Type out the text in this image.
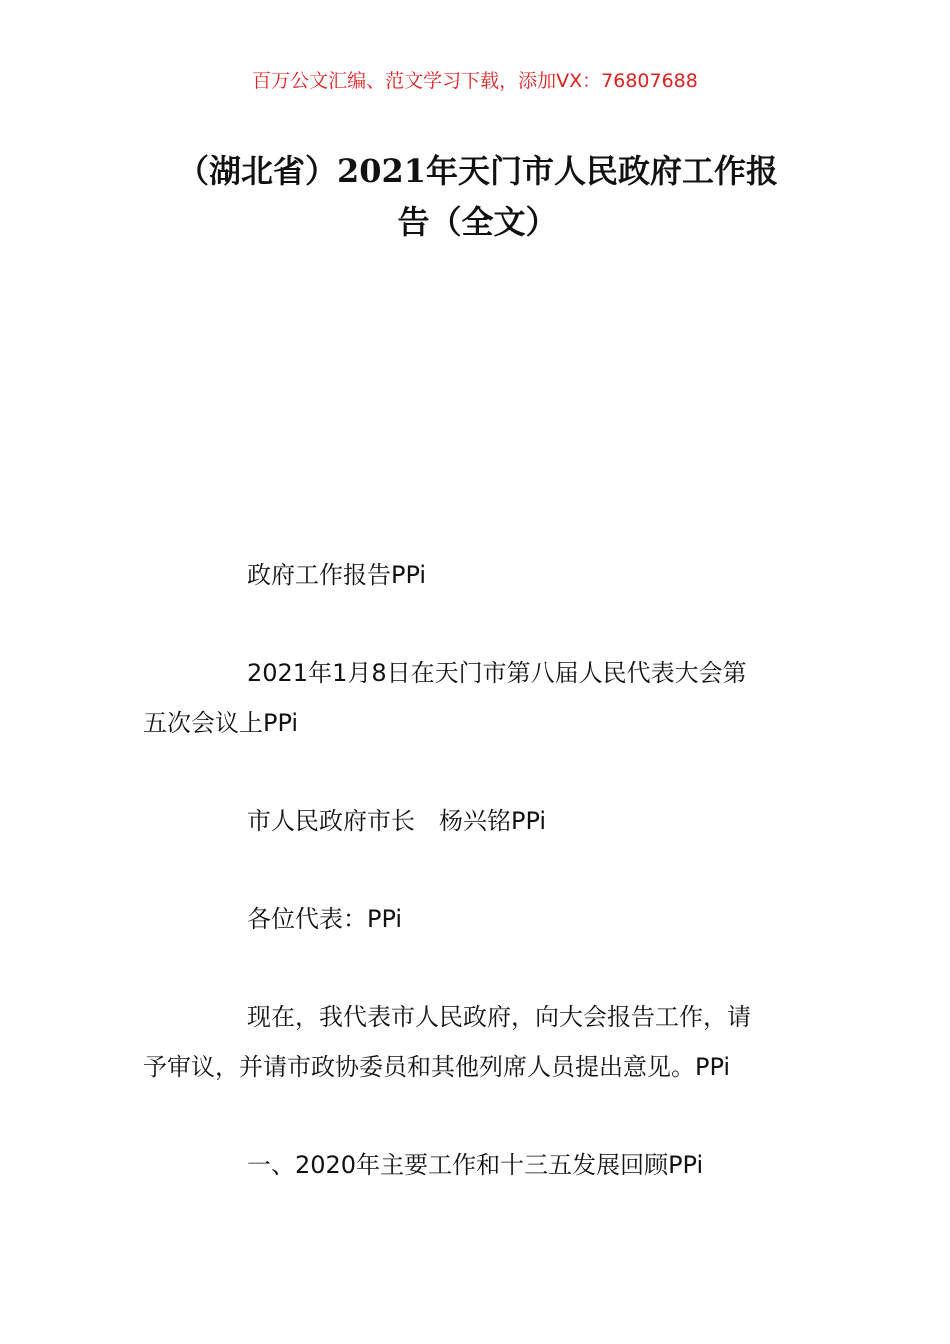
百万公文汇编、范文学习下载，添加VX：76807688
（湖北省）2021年天门市人民政府工作报
告（全文）

政府工作报告PPi

2021年1月8日在天门市第八届人民代表大会第
五次会议上PPi

市人民政府市长　杨兴铭PPi

各位代表：PPi

现在，我代表市人民政府，向大会报告工作，请
予审议，并请市政协委员和其他列席人员提出意见。PPi

一、2020年主要工作和十三五发展回顾PPi
